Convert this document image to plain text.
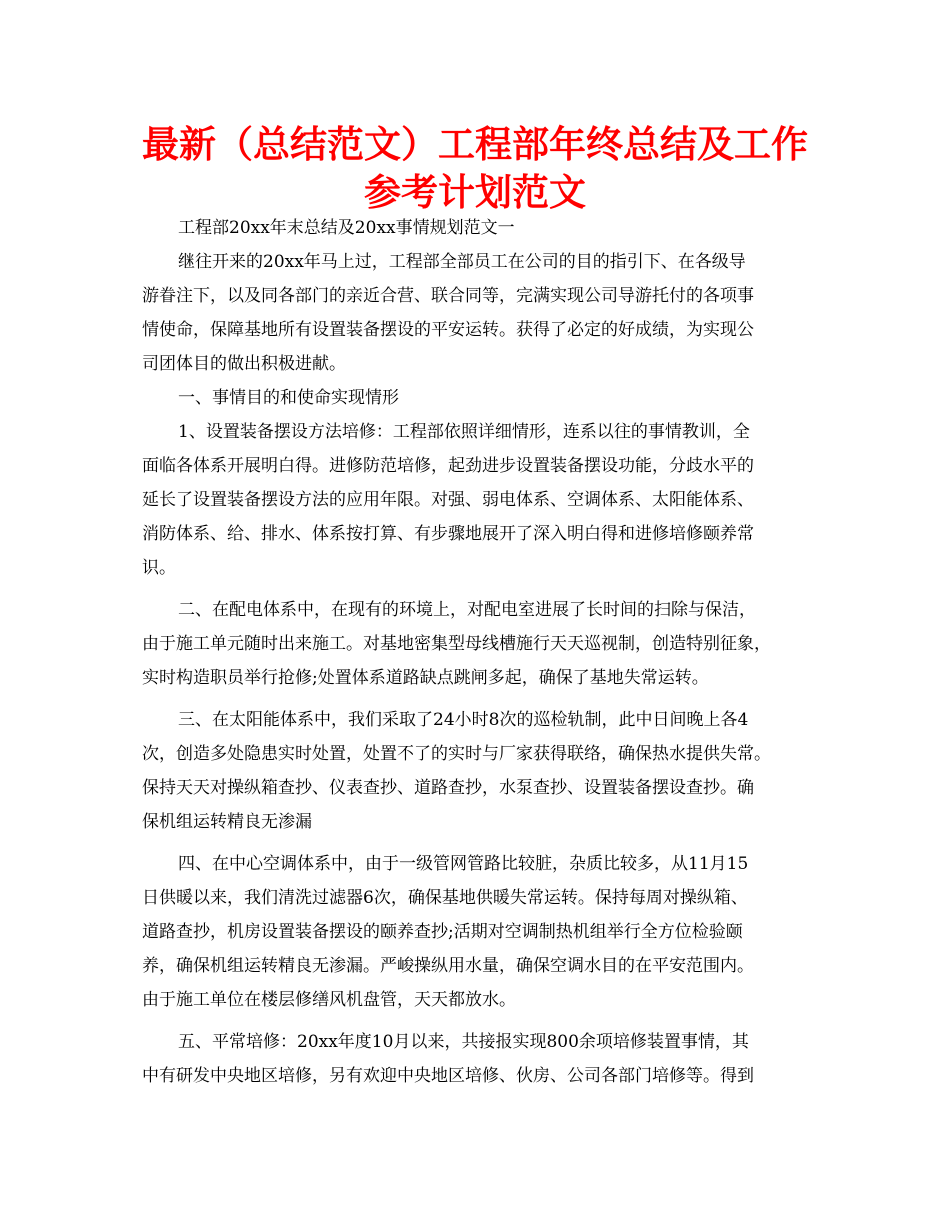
最新（总结范文）工程部年终总结及工作
参考计划范文
工程部20xx年末总结及20xx事情规划范文一
继往开来的20xx年马上过，工程部全部员工在公司的目的指引下、在各级导
游眷注下，以及同各部门的亲近合营、联合同等，完满实现公司导游托付的各项事
情使命，保障基地所有设置装备摆设的平安运转。获得了必定的好成绩，为实现公
司团体目的做出积极进献。
一、事情目的和使命实现情形
1、设置装备摆设方法培修：工程部依照详细情形，连系以往的事情教训，全
面临各体系开展明白得。进修防范培修，起劲进步设置装备摆设功能，分歧水平的
延长了设置装备摆设方法的应用年限。对强、弱电体系、空调体系、太阳能体系、
消防体系、给、排水、体系按打算、有步骤地展开了深入明白得和进修培修颐养常
识。
二、在配电体系中，在现有的环境上，对配电室进展了长时间的扫除与保洁，
由于施工单元随时出来施工。对基地密集型母线槽施行天天巡视制，创造特别征象，
实时构造职员举行抢修;处置体系道路缺点跳闸多起，确保了基地失常运转。
三、在太阳能体系中，我们采取了24小时8次的巡检轨制，此中日间晚上各4
次，创造多处隐患实时处置，处置不了的实时与厂家获得联络，确保热水提供失常。
保持天天对操纵箱查抄、仪表查抄、道路查抄，水泵查抄、设置装备摆设查抄。确
保机组运转精良无渗漏
四、在中心空调体系中，由于一级管网管路比较脏，杂质比较多，从11月15
日供暖以来，我们清洗过滤器6次，确保基地供暖失常运转。保持每周对操纵箱、
道路查抄，机房设置装备摆设的颐养查抄;活期对空调制热机组举行全方位检验颐
养，确保机组运转精良无渗漏。严峻操纵用水量，确保空调水目的在平安范围内。
由于施工单位在楼层修缮风机盘管，天天都放水。
五、平常培修：20xx年度10月以来，共接报实现800余项培修装置事情，其
中有研发中央地区培修，另有欢迎中央地区培修、伙房、公司各部门培修等。得到
